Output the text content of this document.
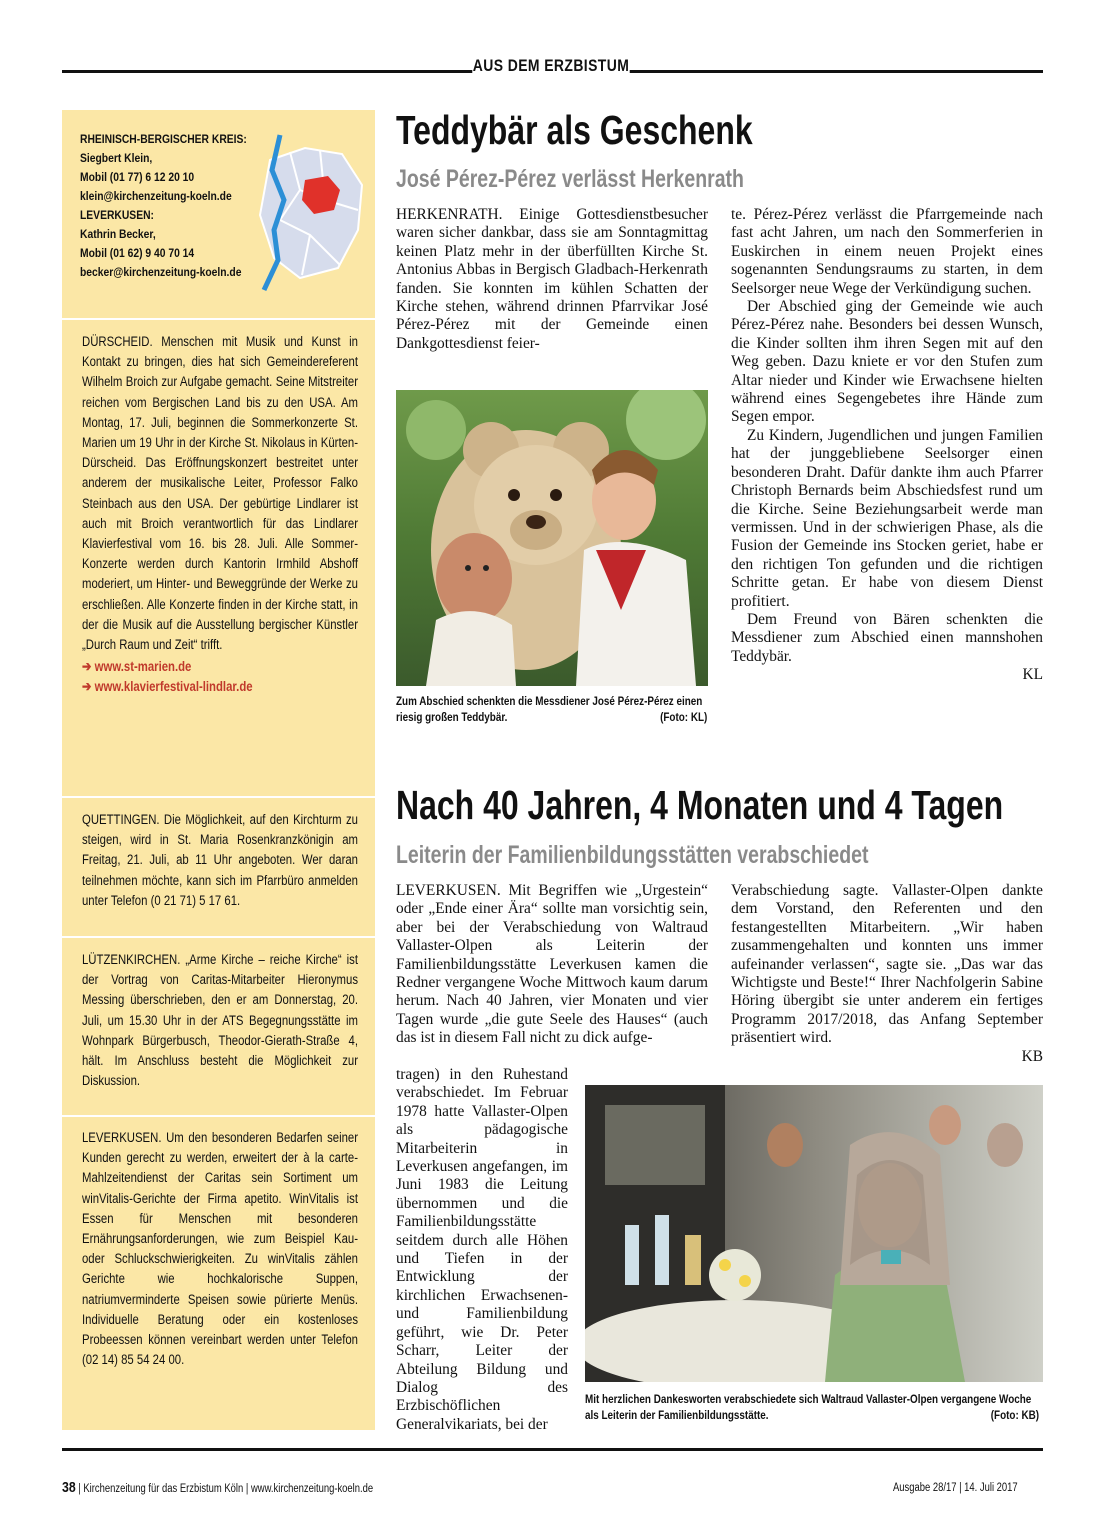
AUS DEM ERZBISTUM
RHEINISCH-BERGISCHER KREIS:
Siegbert Klein,
Mobil (01 77) 6 12 20 10
klein@kirchenzeitung-koeln.de
LEVERKUSEN:
Kathrin Becker,
Mobil (01 62) 9 40 70 14
becker@kirchenzeitung-koeln.de

DÜRSCHEID. Menschen mit Musik und Kunst in Kontakt zu bringen, dies hat sich Gemeindereferent Wilhelm Broich zur Aufgabe gemacht. Seine Mitstreiter reichen vom Bergischen Land bis zu den USA. Am Montag, 17. Juli, beginnen die Sommerkonzerte St. Marien um 19 Uhr in der Kirche St. Nikolaus in Kürten-Dürscheid. Das Eröffnungskonzert bestreitet unter anderem der musikalische Leiter, Professor Falko Steinbach aus den USA. Der gebürtige Lindlarer ist auch mit Broich verantwortlich für das Lindlarer Klavierfestival vom 16. bis 28. Juli. Alle Sommer-Konzerte werden durch Kantorin Irmhild Abshoff moderiert, um Hinter- und Beweggründe der Werke zu erschließen. Alle Konzerte finden in der Kirche statt, in der die Musik auf die Ausstellung bergischer Künstler „Durch Raum und Zeit“ trifft.

➔ www.st-marien.de
➔ www.klavierfestival-lindlar.de

QUETTINGEN. Die Möglichkeit, auf den Kirchturm zu steigen, wird in St. Maria Rosenkranzkönigin am Freitag, 21. Juli, ab 11 Uhr angeboten. Wer daran teilnehmen möchte, kann sich im Pfarrbüro anmelden unter Telefon (0 21 71) 5 17 61.

LÜTZENKIRCHEN. „Arme Kirche – reiche Kirche“ ist der Vortrag von Caritas-Mitarbeiter Hieronymus Messing überschrieben, den er am Donnerstag, 20. Juli, um 15.30 Uhr in der ATS Begegnungsstätte im Wohnpark Bürgerbusch, Theodor-Gierath-Straße 4, hält. Im Anschluss besteht die Möglichkeit zur Diskussion.

LEVERKUSEN. Um den besonderen Bedarfen seiner Kunden gerecht zu werden, erweitert der à la carte-Mahlzeitendienst der Caritas sein Sortiment um winVitalis-Gerichte der Firma apetito. WinVitalis ist Essen für Menschen mit besonderen Ernährungsanforderungen, wie zum Beispiel Kau- oder Schluckschwierigkeiten. Zu winVitalis zählen Gerichte wie hochkalorische Suppen, natriumverminderte Speisen sowie pürierte Menüs. Individuelle Beratung oder ein kostenloses Probeessen können vereinbart werden unter Telefon (02 14) 85 54 24 00.

Teddybär als Geschenk
José Pérez-Pérez verlässt Herkenrath

HERKENRATH. Einige Gottesdienstbesucher waren sicher dankbar, dass sie am Sonntagmittag keinen Platz mehr in der überfüllten Kirche St. Antonius Abbas in Bergisch Gladbach-Herkenrath fanden. Sie konnten im kühlen Schatten der Kirche stehen, während drinnen Pfarrvikar José Pérez-Pérez mit der Gemeinde einen Dankgottesdienst feier-

Zum Abschied schenkten die Messdiener José Pérez-Pérez einen riesig großen Teddybär.	(Foto: KL)

te. Pérez-Pérez verlässt die Pfarrgemeinde nach fast acht Jahren, um nach den Sommerferien in Euskirchen in einem neuen Projekt eines sogenannten Sendungsraums zu starten, in dem Seelsorger neue Wege der Verkündigung suchen.

Der Abschied ging der Gemeinde wie auch Pérez-Pérez nahe. Besonders bei dessen Wunsch, die Kinder sollten ihm ihren Segen mit auf den Weg geben. Dazu kniete er vor den Stufen zum Altar nieder und Kinder wie Erwachsene hielten während eines Segengebetes ihre Hände zum Segen empor.

Zu Kindern, Jugendlichen und jungen Familien hat der junggebliebene Seelsorger einen besonderen Draht. Dafür dankte ihm auch Pfarrer Christoph Bernards beim Abschiedsfest rund um die Kirche. Seine Beziehungsarbeit werde man vermissen. Und in der schwierigen Phase, als die Fusion der Gemeinde ins Stocken geriet, habe er den richtigen Ton gefunden und die richtigen Schritte getan. Er habe von diesem Dienst profitiert.

Dem Freund von Bären schenkten die Messdiener zum Abschied einen mannshohen Teddybär.

KL

Nach 40 Jahren, 4 Monaten und 4 Tagen
Leiterin der Familienbildungsstätten verabschiedet

LEVERKUSEN. Mit Begriffen wie „Urgestein“ oder „Ende einer Ära“ sollte man vorsichtig sein, aber bei der Verabschiedung von Waltraud Vallaster-Olpen als Leiterin der Familienbildungsstätte Leverkusen kamen die Redner vergangene Woche Mittwoch kaum darum herum. Nach 40 Jahren, vier Monaten und vier Tagen wurde „die gute Seele des Hauses“ (auch das ist in diesem Fall nicht zu dick aufge-

tragen) in den Ruhestand verabschiedet. Im Februar 1978 hatte Vallaster-Olpen als pädagogische Mitarbeiterin in Leverkusen angefangen, im Juni 1983 die Leitung übernommen und die Familienbildungsstätte seitdem durch alle Höhen und Tiefen in der Entwicklung der kirchlichen Erwachsenen- und Familienbildung geführt, wie Dr. Peter Scharr, Leiter der Abteilung Bildung und Dialog des Erzbischöflichen Generalvikariats, bei der

Verabschiedung sagte. Vallaster-Olpen dankte dem Vorstand, den Referenten und den festangestellten Mitarbeitern. „Wir haben zusammengehalten und konnten uns immer aufeinander verlassen“, sagte sie. „Das war das Wichtigste und Beste!“ Ihrer Nachfolgerin Sabine Höring übergibt sie unter anderem ein fertiges Programm 2017/2018, das Anfang September präsentiert wird.

KB

Mit herzlichen Dankesworten verabschiedete sich Waltraud Vallaster-Olpen vergangene Woche als Leiterin der Familienbildungsstätte.	(Foto: KB)
38 | Kirchenzeitung für das Erzbistum Köln | www.kirchenzeitung-koeln.de	Ausgabe 28/17 | 14. Juli 2017
